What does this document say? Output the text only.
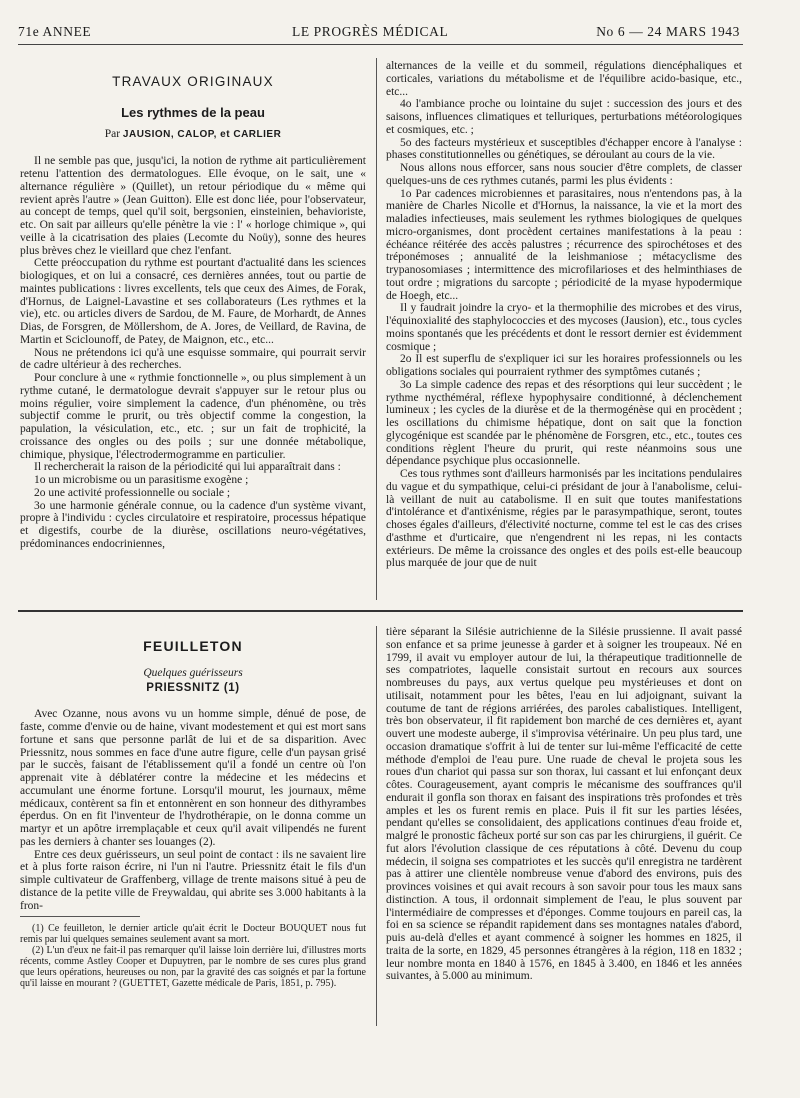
71e ANNEE	LE PROGRÈS MÉDICAL	No 6 — 24 MARS 1943
TRAVAUX ORIGINAUX
Les rythmes de la peau
Par JAUSION, CALOP, et CARLIER

Il ne semble pas que, jusqu'ici, la notion de rythme ait particulièrement retenu l'attention des dermatologues. Elle évoque, on le sait, une « alternance régulière » (Quillet), un retour périodique du « même qui revient après l'autre » (Jean Guitton). Elle est donc liée, pour l'observateur, au concept de temps, quel qu'il soit, bergsonien, einsteinien, behavioriste, etc. On sait par ailleurs qu'elle pénètre la vie : l' « horloge chimique », qui veille à la cicatrisation des plaies (Lecomte du Noüy), sonne des heures plus brèves chez le vieillard que chez l'enfant.

Cette préoccupation du rythme est pourtant d'actualité dans les sciences biologiques, et on lui a consacré, ces dernières années, tout ou partie de maintes publications : livres excellents, tels que ceux des Aimes, de Forak, d'Hornus, de Laignel-Lavastine et ses collaborateurs (Les rythmes et la vie), etc. ou articles divers de Sardou, de M. Faure, de Morhardt, de Annes Dias, de Forsgren, de Möllershom, de A. Jores, de Veillard, de Ravina, de Martin et Sciclounoff, de Patey, de Maignon, etc., etc...

Nous ne prétendons ici qu'à une esquisse sommaire, qui pourrait servir de cadre ultérieur à des recherches.

Pour conclure à une « rythmie fonctionnelle », ou plus simplement à un rythme cutané, le dermatologue devrait s'appuyer sur le retour plus ou moins régulier, voire simplement la cadence, d'un phénomène, ou très subjectif comme le prurit, ou très objectif comme la congestion, la papulation, la vésiculation, etc., etc. ; sur un fait de trophicité, la croissance des ongles ou des poils ; sur une donnée métabolique, chimique, physique, l'électrodermogramme en particulier.

Il rechercherait la raison de la périodicité qui lui apparaîtrait dans :

1o un microbisme ou un parasitisme exogène ;

2o une activité professionnelle ou sociale ;

3o une harmonie générale connue, ou la cadence d'un système vivant, propre à l'individu : cycles circulatoire et respiratoire, processus hépatique et digestifs, courbe de la diurèse, oscillations neuro-végétatives, prédominances endocriniennes,

alternances de la veille et du sommeil, régulations diencéphaliques et corticales, variations du métabolisme et de l'équilibre acido-basique, etc., etc...

4o l'ambiance proche ou lointaine du sujet : succession des jours et des saisons, influences climatiques et telluriques, perturbations météorologiques et cosmiques, etc. ;

5o des facteurs mystérieux et susceptibles d'échapper encore à l'analyse : phases constitutionnelles ou génétiques, se déroulant au cours de la vie.

Nous allons nous efforcer, sans nous soucier d'être complets, de classer quelques-uns de ces rythmes cutanés, parmi les plus évidents :

1o Par cadences microbiennes et parasitaires, nous n'entendons pas, à la manière de Charles Nicolle et d'Hornus, la naissance, la vie et la mort des maladies infectieuses, mais seulement les rythmes biologiques de quelques micro-organismes, dont procèdent certaines manifestations à la peau : échéance réitérée des accès palustres ; récurrence des spirochétoses et des tréponémoses ; annualité de la leishmaniose ; métacyclisme des trypanosomiases ; intermittence des microfilarioses et des helminthiases de tout ordre ; migrations du sarcopte ; périodicité de la myase hypodermique de Hoegh, etc...

Il y faudrait joindre la cryo- et la thermophilie des microbes et des virus, l'équinoxialité des staphylococcies et des mycoses (Jausion), etc., tous cycles moins spontanés que les précédents et dont le ressort dernier est évidemment cosmique ;

2o Il est superflu de s'expliquer ici sur les horaires professionnels ou les obligations sociales qui pourraient rythmer des symptômes cutanés ;

3o La simple cadence des repas et des résorptions qui leur succèdent ; le rythme nycthéméral, réflexe hypophysaire conditionné, à déclenchement lumineux ; les cycles de la diurèse et de la thermogénèse qui en procèdent ; les oscillations du chimisme hépatique, dont on sait que la fonction glycogénique est scandée par le phénomène de Forsgren, etc., etc., toutes ces conditions règlent l'heure du prurit, qui reste néanmoins sous une dépendance psychique plus occasionnelle.

Ces tous rythmes sont d'ailleurs harmonisés par les incitations pendulaires du vague et du sympathique, celui-ci présidant de jour à l'anabolisme, celui-là veillant de nuit au catabolisme. Il en suit que toutes manifestations d'intolérance et d'antixénisme, régies par le parasympathique, seront, toutes choses égales d'ailleurs, d'électivité nocturne, comme tel est le cas des crises d'asthme et d'urticaire, que n'engendrent ni les repas, ni les contacts extérieurs. De même la croissance des ongles et des poils est-elle beaucoup plus marquée de jour que de nuit

FEUILLETON
Quelques guérisseurs
PRIESSNITZ (1)

Avec Ozanne, nous avons vu un homme simple, dénué de pose, de faste, comme d'envie ou de haine, vivant modestement et qui est mort sans fortune et sans que personne parlât de lui et de sa disparition. Avec Priessnitz, nous sommes en face d'une autre figure, celle d'un paysan grisé par le succès, faisant de l'établissement qu'il a fondé un centre où l'on apprenait vite à déblatérer contre la médecine et les médecins et accumulant une énorme fortune. Lorsqu'il mourut, les journaux, même médicaux, contèrent sa fin et entonnèrent en son honneur des dithyrambes éperdus. On en fit l'inventeur de l'hydrothérapie, on le donna comme un martyr et un apôtre irremplaçable et ceux qu'il avait vilipendés ne furent pas les derniers à chanter ses louanges (2).

Entre ces deux guérisseurs, un seul point de contact : ils ne savaient lire et à plus forte raison écrire, ni l'un ni l'autre. Priessnitz était le fils d'un simple cultivateur de Graffenberg, village de trente maisons situé à peu de distance de la petite ville de Freywaldau, qui abrite ses 3.000 habitants à la fron-

(1) Ce feuilleton, le dernier article qu'ait écrit le Docteur BOUQUET nous fut remis par lui quelques semaines seulement avant sa mort.

(2) L'un d'eux ne fait-il pas remarquer qu'il laisse loin derrière lui, d'illustres morts récents, comme Astley Cooper et Dupuytren, par le nombre de ses cures plus grand que leurs opérations, heureuses ou non, par la gravité des cas soignés et par la fortune qu'il laisse en mourant ? (GUETTET, Gazette médicale de Paris, 1851, p. 795).

tière séparant la Silésie autrichienne de la Silésie prussienne. Il avait passé son enfance et sa prime jeunesse à garder et à soigner les troupeaux. Né en 1799, il avait vu employer autour de lui, la thérapeutique traditionnelle de ses compatriotes, laquelle consistait surtout en recours aux sources nombreuses du pays, aux vertus quelque peu mystérieuses et dont on utilisait, notamment pour les bêtes, l'eau en lui adjoignant, suivant la coutume de tant de régions arriérées, des paroles cabalistiques. Intelligent, très bon observateur, il fit rapidement bon marché de ces dernières et, ayant ouvert une modeste auberge, il s'improvisa vétérinaire. Un peu plus tard, une occasion dramatique s'offrit à lui de tenter sur lui-même l'efficacité de cette méthode d'emploi de l'eau pure. Une ruade de cheval le projeta sous les roues d'un chariot qui passa sur son thorax, lui cassant et lui enfonçant deux côtes. Courageusement, ayant compris le mécanisme des souffrances qu'il endurait il gonfla son thorax en faisant des inspirations très profondes et très amples et les os furent remis en place. Puis il fit sur les parties lésées, pendant qu'elles se consolidaient, des applications continues d'eau froide et, malgré le pronostic fâcheux porté sur son cas par les chirurgiens, il guérit. Ce fut alors l'évolution classique de ces réputations à côté. Devenu du coup médecin, il soigna ses compatriotes et les succès qu'il enregistra ne tardèrent pas à attirer une clientèle nombreuse venue d'abord des environs, puis des provinces voisines et qui avait recours à son savoir pour tous les maux sans distinction. A tous, il ordonnait simplement de l'eau, le plus souvent par l'intermédiaire de compresses et d'éponges. Comme toujours en pareil cas, la foi en sa science se répandit rapidement dans ses montagnes natales d'abord, puis au-delà d'elles et ayant commencé à soigner les hommes en 1825, il traita de la sorte, en 1829, 45 personnes étrangères à la région, 118 en 1832 ; leur nombre monta en 1840 à 1576, en 1845 à 3.400, en 1846 et les années suivantes, à 5.000 au minimum.
